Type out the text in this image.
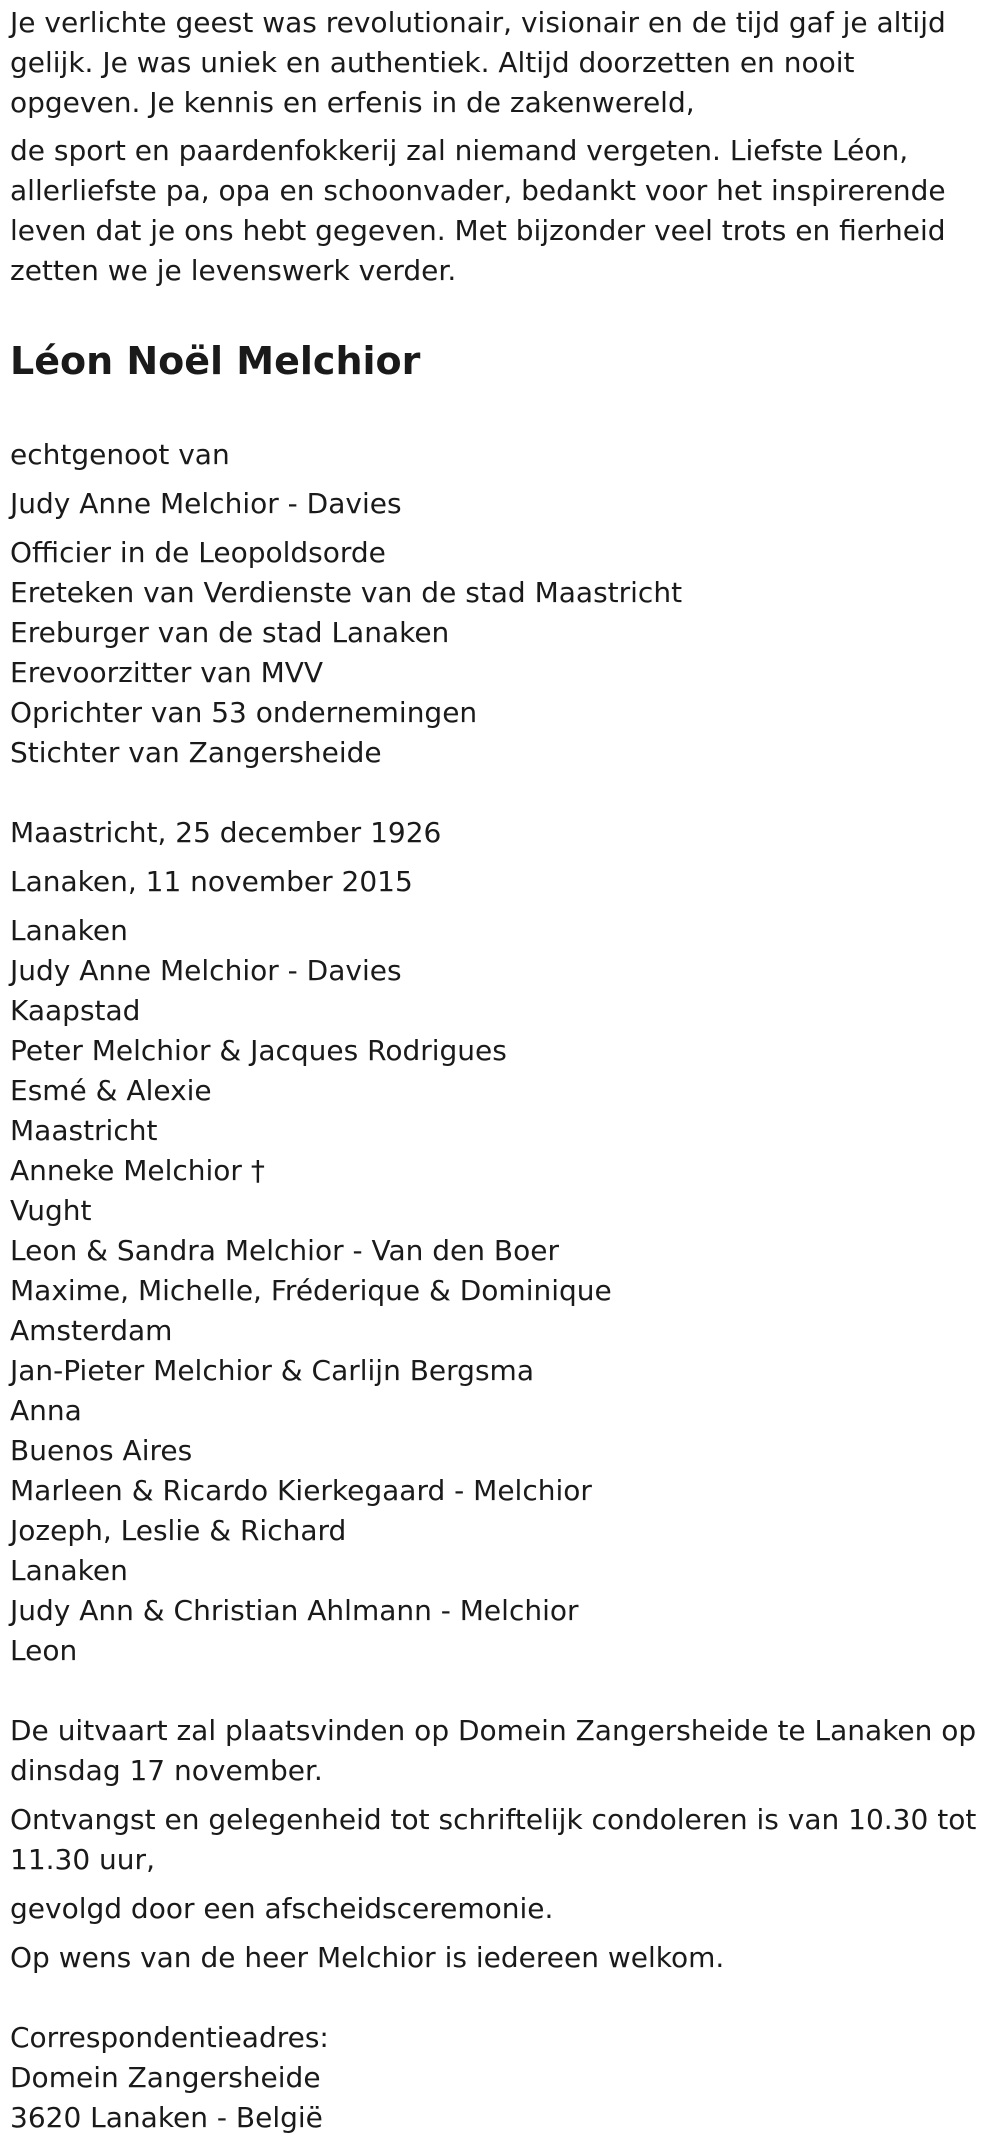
Je verlichte geest was revolutionair, visionair en de tijd gaf je altijd gelijk. Je was uniek en authentiek. Altijd doorzetten en nooit opgeven. Je kennis en erfenis in de zakenwereld,

de sport en paardenfokkerij zal niemand vergeten. Liefste Léon, allerliefste pa, opa en schoonvader, bedankt voor het inspirerende leven dat je ons hebt gegeven. Met bijzonder veel trots en fierheid zetten we je levenswerk verder.

Léon Noël Melchior
echtgenoot van
Judy Anne Melchior - Davies
Officier in de Leopoldsorde
Ereteken van Verdienste van de stad Maastricht
Ereburger van de stad Lanaken
Erevoorzitter van MVV
Oprichter van 53 ondernemingen
Stichter van Zangersheide
Maastricht, 25 december 1926
Lanaken, 11 november 2015
Lanaken
Judy Anne Melchior - Davies
Kaapstad
Peter Melchior & Jacques Rodrigues
Esmé & Alexie
Maastricht
Anneke Melchior †
Vught
Leon & Sandra Melchior - Van den Boer
Maxime, Michelle, Fréderique & Dominique
Amsterdam
Jan-Pieter Melchior & Carlijn Bergsma
Anna
Buenos Aires
Marleen & Ricardo Kierkegaard - Melchior
Jozeph, Leslie & Richard
Lanaken
Judy Ann & Christian Ahlmann - Melchior
Leon
De uitvaart zal plaatsvinden op Domein Zangersheide te Lanaken op dinsdag 17 november.
Ontvangst en gelegenheid tot schriftelijk condoleren is van 10.30 tot 11.30 uur,
gevolgd door een afscheidsceremonie.
Op wens van de heer Melchior is iedereen welkom.
Correspondentieadres:
Domein Zangersheide
3620 Lanaken - België
